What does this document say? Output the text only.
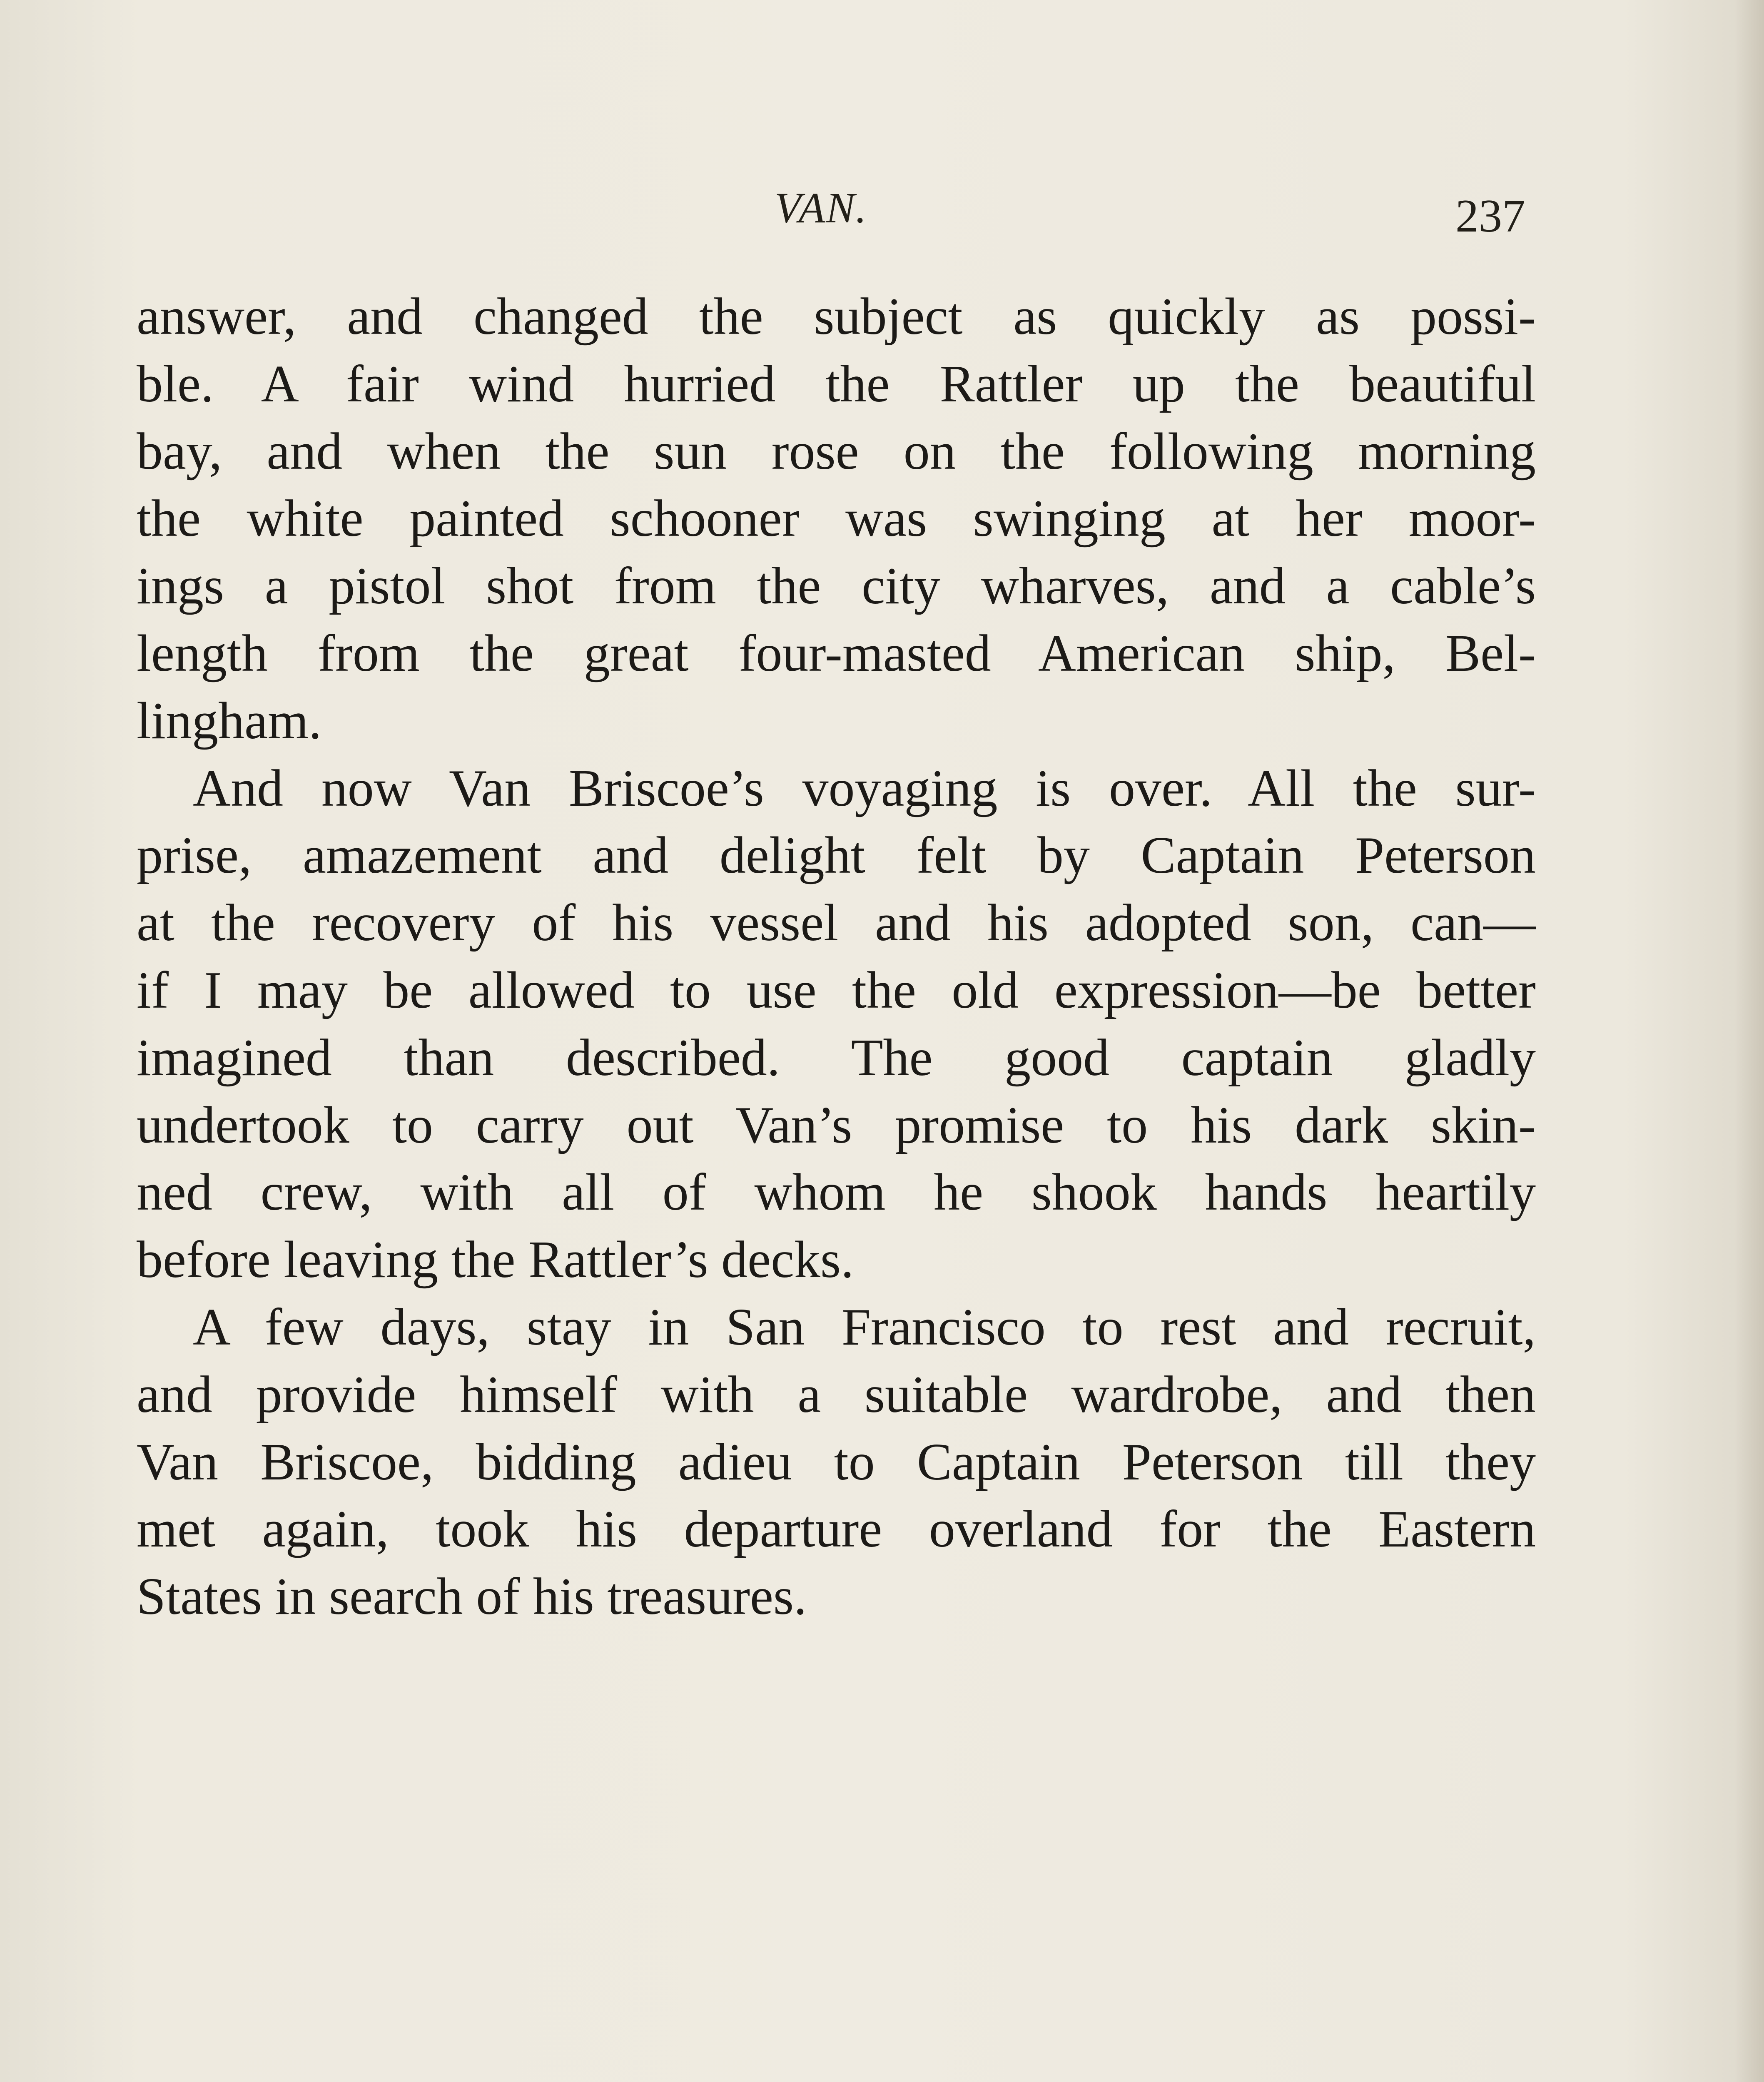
VAN.	237

answer, and changed the subject as quickly as possi-
ble. A fair wind hurried the Rattler up the beautiful
bay, and when the sun rose on the following morning
the white painted schooner was swinging at her moor-
ings a pistol shot from the city wharves, and a cable’s
length from the great four-masted American ship, Bel-
lingham.

And now Van Briscoe’s voyaging is over. All the sur-
prise, amazement and delight felt by Captain Peterson
at the recovery of his vessel and his adopted son, can—
if I may be allowed to use the old expression—be better
imagined than described. The good captain gladly
undertook to carry out Van’s promise to his dark skin-
ned crew, with all of whom he shook hands heartily
before leaving the Rattler’s decks.

A few days, stay in San Francisco to rest and recruit,
and provide himself with a suitable wardrobe, and then
Van Briscoe, bidding adieu to Captain Peterson till they
met again, took his departure overland for the Eastern
States in search of his treasures.
